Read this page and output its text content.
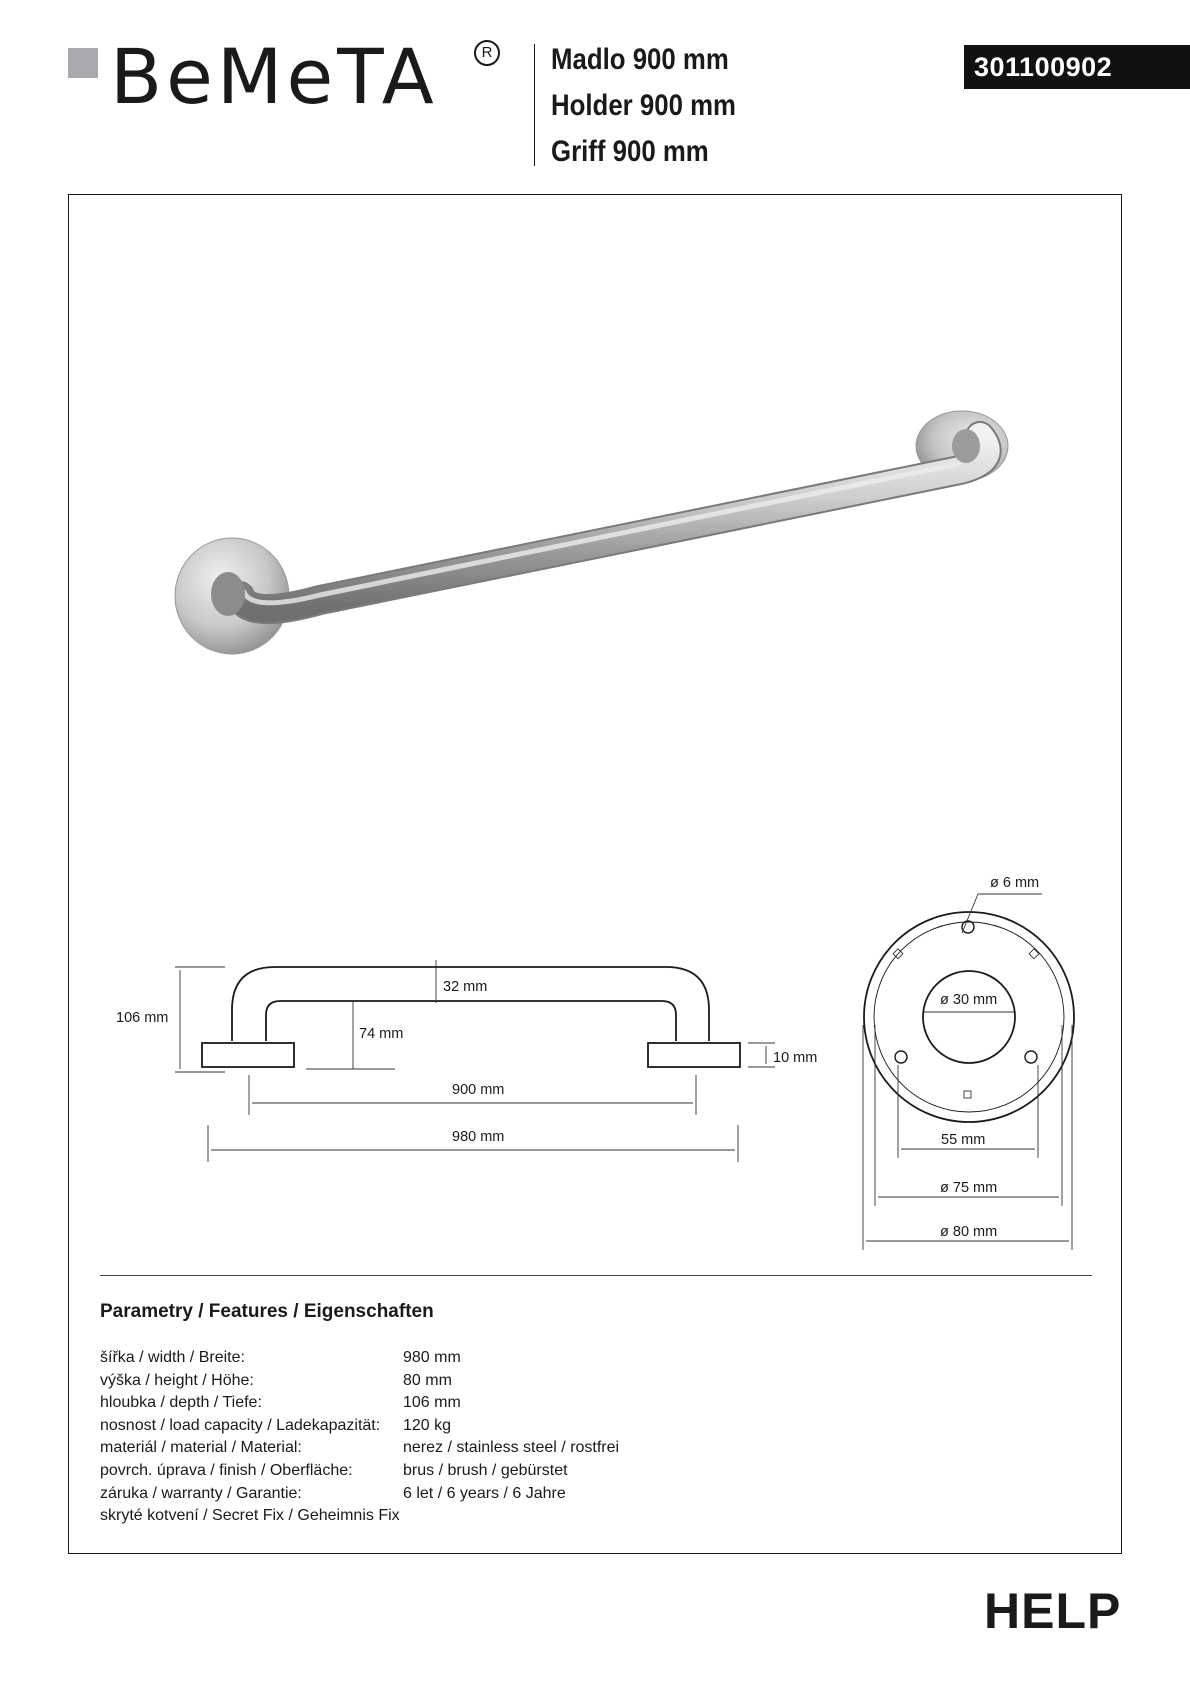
BeMeTA	R Madlo 900 mm
Holder 900 mm
Griff 900 mm
301100902
106 mm
32 mm
74 mm
10 mm
900 mm
980 mm
ø 6 mm
ø 30 mm
55 mm
ø 75 mm
ø 80 mm
Parametry / Features / Eigenschaften
šířka / width / Breite:	980 mm
výška / height / Höhe:	80 mm
hloubka / depth / Tiefe:	106 mm
nosnost / load capacity / Ladekapazität:	120 kg
materiál / material / Material:	nerez / stainless steel / rostfrei
povrch. úprava / finish / Oberfläche:	brus / brush / gebürstet
záruka / warranty / Garantie:	6 let / 6 years / 6 Jahre
skryté kotvení / Secret Fix / Geheimnis Fix
HELP
